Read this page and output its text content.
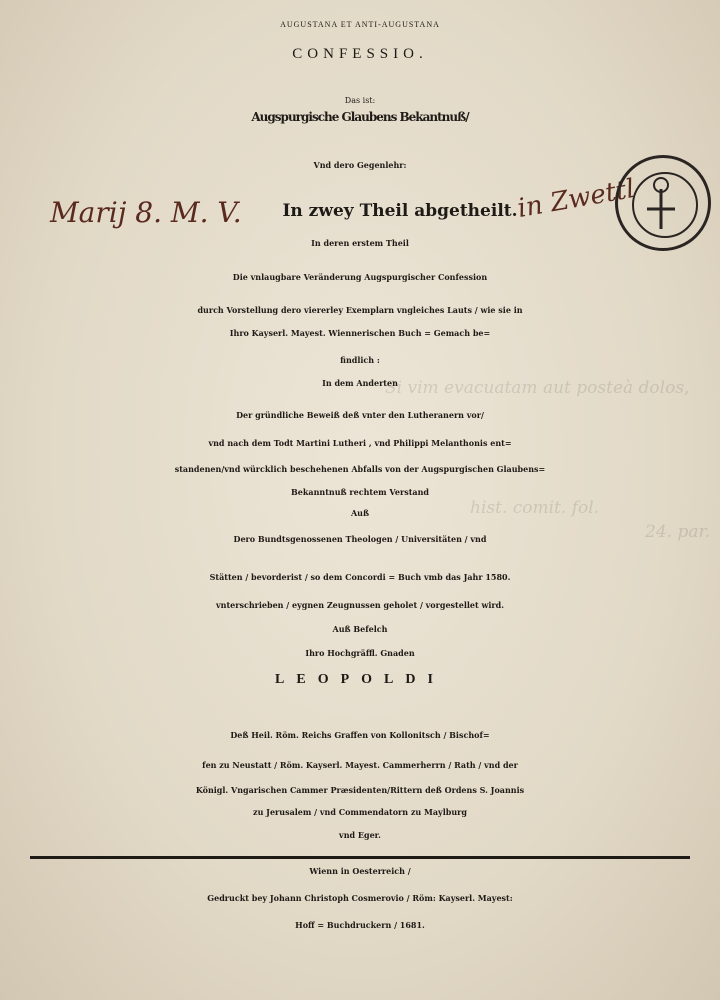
Si vim evacuatam aut posteà dolos,
hist. comit. fol.
24. par.
AUGUSTANA ET ANTI-AUGUSTANA
CONFESSIO.
Das ist:
Augspurgische Glaubens Bekantnuß/
Vnd dero Gegenlehr:
In zwey Theil abgetheilt.
Marij 8. M. V.	in Zwettl
In deren erstem Theil
Die vnlaugbare Veränderung Augspurgischer Confession
durch Vorstellung dero viererley Exemplarn vngleiches Lauts / wie sie in
Ihro Kayserl. Mayest. Wiennerischen Buch = Gemach be=
findlich :
In dem Anderten
Der gründliche Beweiß deß vnter den Lutheranern vor/
vnd nach dem Todt Martini Lutheri , vnd Philippi Melanthonis ent=
standenen/vnd würcklich beschehenen Abfalls von der Augspurgischen Glaubens=
Bekanntnuß rechtem Verstand
Auß
Dero Bundtsgenossenen Theologen / Universitäten / vnd
Stätten / bevorderist / so dem Concordi = Buch vmb das Jahr 1580.
vnterschrieben / eygnen Zeugnussen geholet / vorgestellet wird.
Auß Befelch
Ihro Hochgräffl. Gnaden
LEOPOLDI
Deß Heil. Röm. Reichs Graffen von Kollonitsch / Bischof=
fen zu Neustatt / Röm. Kayserl. Mayest. Cammerherrn / Rath / vnd der
Königl. Vngarischen Cammer Præsidenten/Rittern deß Ordens S. Joannis
zu Jerusalem / vnd Commendatorn zu Maylburg
vnd Eger.
Wienn in Oesterreich /
Gedruckt bey Johann Christoph Cosmerovio / Röm: Kayserl. Mayest:
Hoff = Buchdruckern / 1681.
